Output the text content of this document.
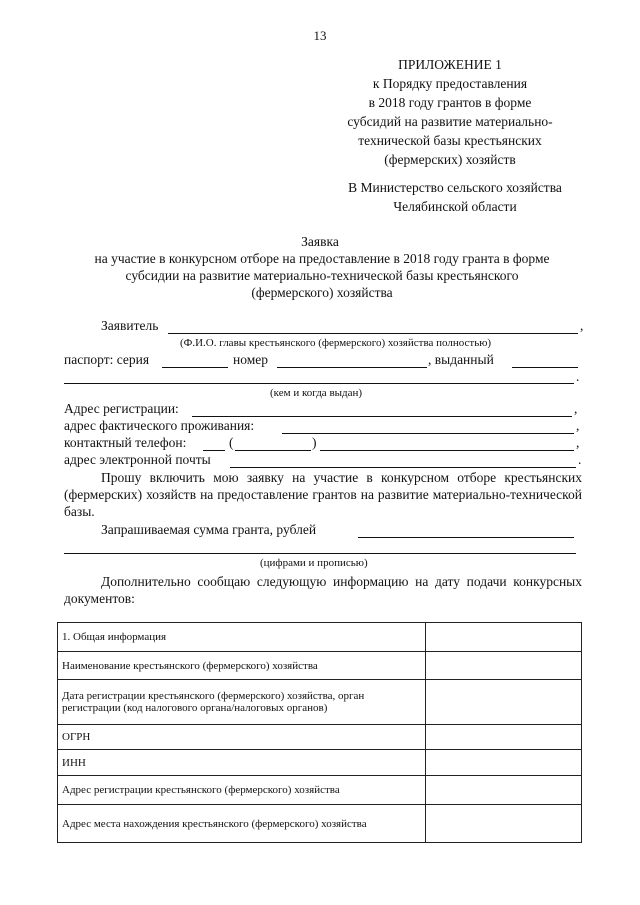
13
ПРИЛОЖЕНИЕ 1
к Порядку предоставления
в 2018 году грантов в форме
субсидий на развитие материально-
технической базы крестьянских
(фермерских) хозяйств
В Министерство сельского хозяйства
Челябинской области
Заявка
на участие в конкурсном отборе на предоставление в 2018 году гранта в форме
субсидии на развитие материально-технической базы крестьянского
(фермерского) хозяйства
Заявитель	,
(Ф.И.О. главы крестьянского (фермерского) хозяйства полностью)
паспорт: серия	номер	, выданный
.
(кем и когда выдан)
Адрес регистрации:	,
адрес фактического проживания:	,
контактный телефон:	(	)	,
адрес электронной почты	.
Прошу включить мою заявку на участие в конкурсном отборе крестьянских (фермерских) хозяйств на предоставление грантов на развитие материально-технической базы.
Запрашиваемая сумма гранта, рублей
(цифрами и прописью)
Дополнительно сообщаю следующую информацию на дату подачи конкурсных документов:
1. Общая информация	
Наименование крестьянского (фермерского) хозяйства	
Дата регистрации крестьянского (фермерского) хозяйства, орган регистрации (код налогового органа/налоговых органов)	
ОГРН	
ИНН	
Адрес регистрации крестьянского (фермерского) хозяйства	
Адрес места нахождения крестьянского (фермерского) хозяйства	
